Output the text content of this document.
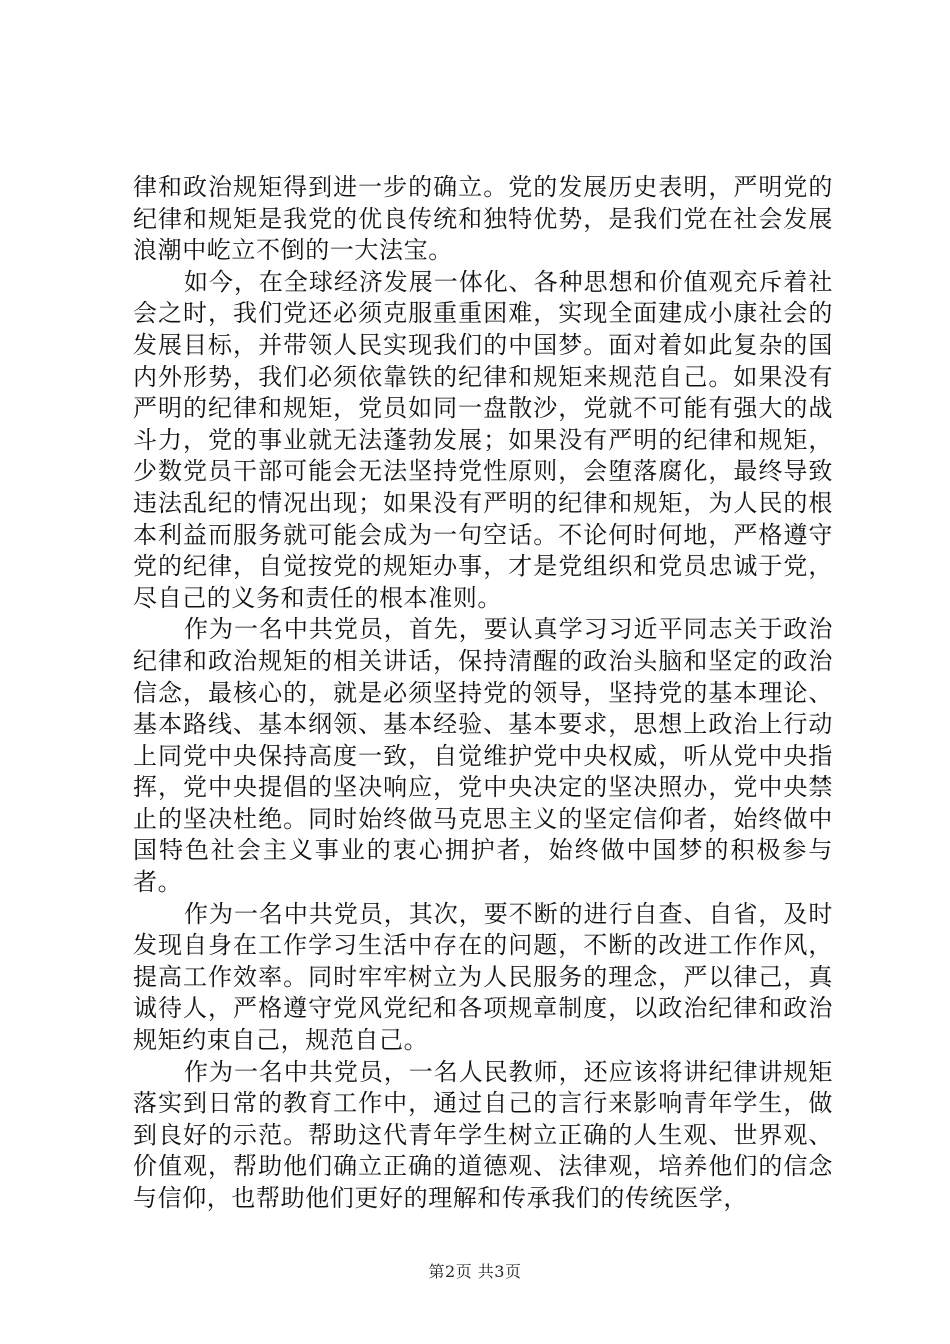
律和政治规矩得到进一步的确立。党的发展历史表明，严明党的纪律和规矩是我党的优良传统和独特优势，是我们党在社会发展浪潮中屹立不倒的一大法宝。

如今，在全球经济发展一体化、各种思想和价值观充斥着社会之时，我们党还必须克服重重困难，实现全面建成小康社会的发展目标，并带领人民实现我们的中国梦。面对着如此复杂的国内外形势，我们必须依靠铁的纪律和规矩来规范自己。如果没有严明的纪律和规矩，党员如同一盘散沙，党就不可能有强大的战斗力，党的事业就无法蓬勃发展；如果没有严明的纪律和规矩，少数党员干部可能会无法坚持党性原则，会堕落腐化，最终导致违法乱纪的情况出现；如果没有严明的纪律和规矩，为人民的根本利益而服务就可能会成为一句空话。不论何时何地，严格遵守党的纪律，自觉按党的规矩办事，才是党组织和党员忠诚于党，尽自己的义务和责任的根本准则。

作为一名中共党员，首先，要认真学习习近平同志关于政治纪律和政治规矩的相关讲话，保持清醒的政治头脑和坚定的政治信念，最核心的，就是必须坚持党的领导，坚持党的基本理论、基本路线、基本纲领、基本经验、基本要求，思想上政治上行动上同党中央保持高度一致，自觉维护党中央权威，听从党中央指挥，党中央提倡的坚决响应，党中央决定的坚决照办，党中央禁止的坚决杜绝。同时始终做马克思主义的坚定信仰者，始终做中国特色社会主义事业的衷心拥护者，始终做中国梦的积极参与者。

作为一名中共党员，其次，要不断的进行自查、自省，及时发现自身在工作学习生活中存在的问题，不断的改进工作作风，提高工作效率。同时牢牢树立为人民服务的理念，严以律己，真诚待人，严格遵守党风党纪和各项规章制度，以政治纪律和政治规矩约束自己，规范自己。

作为一名中共党员，一名人民教师，还应该将讲纪律讲规矩落实到日常的教育工作中，通过自己的言行来影响青年学生，做到良好的示范。帮助这代青年学生树立正确的人生观、世界观、价值观，帮助他们确立正确的道德观、法律观，培养他们的信念与信仰，也帮助他们更好的理解和传承我们的传统医学，

第2页 共3页
